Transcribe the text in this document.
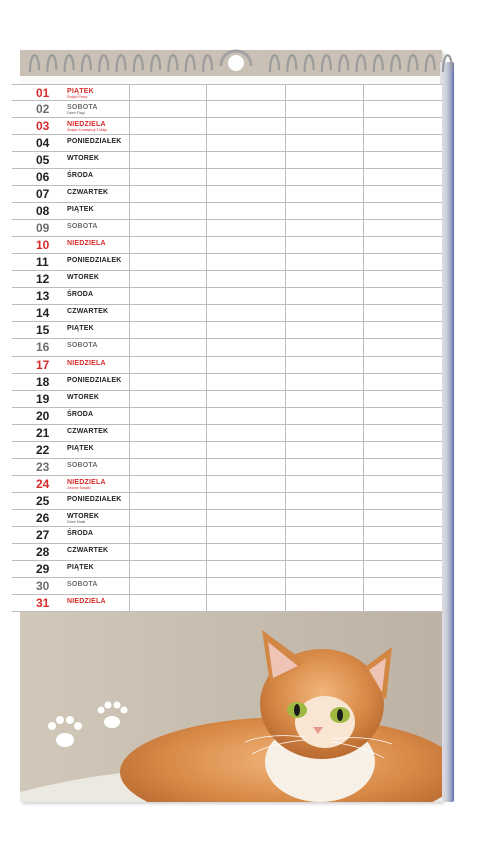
01	PIĄTEK
Święto Pracy
02	SOBOTA
Dzień Flagi
03	NIEDZIELA
Święto Konstytucji 3 Maja
04	PONIEDZIAŁEK
05	WTOREK
06	ŚRODA
07	CZWARTEK
08	PIĄTEK
09	SOBOTA
10	NIEDZIELA
11	PONIEDZIAŁEK
12	WTOREK
13	ŚRODA
14	CZWARTEK
15	PIĄTEK
16	SOBOTA
17	NIEDZIELA
18	PONIEDZIAŁEK
19	WTOREK
20	ŚRODA
21	CZWARTEK
22	PIĄTEK
23	SOBOTA
24	NIEDZIELA
Zielone Świątki
25	PONIEDZIAŁEK
26	WTOREK
Dzień Matki
27	ŚRODA
28	CZWARTEK
29	PIĄTEK
30	SOBOTA
31	NIEDZIELA
